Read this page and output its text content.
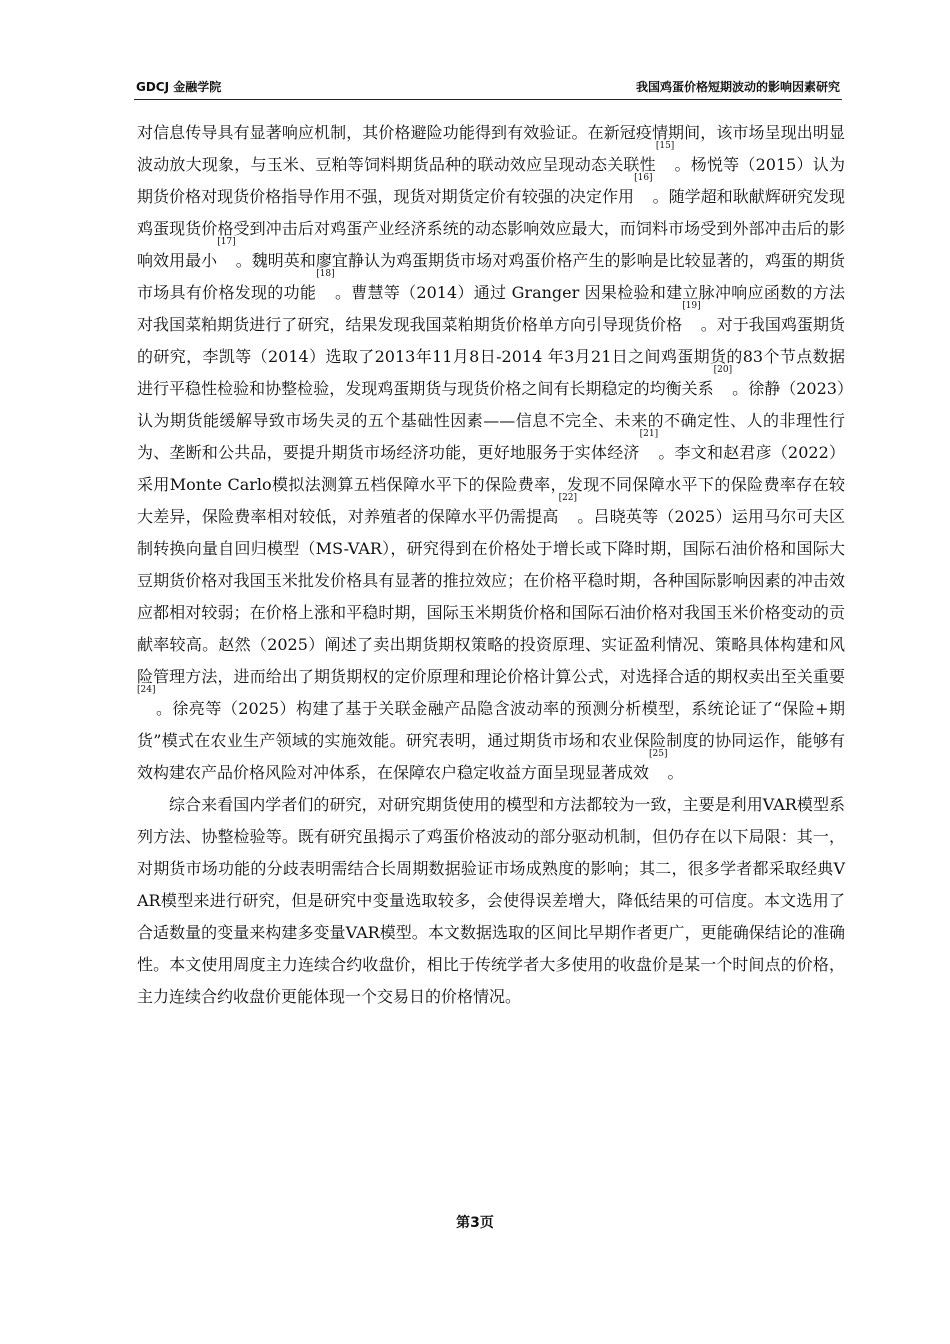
GDCJ 金融学院	我国鸡蛋价格短期波动的影响因素研究

对信息传导具有显著响应机制，其价格避险功能得到有效验证。在新冠疫情期间，该市场呈现出明显波动放大现象，与玉米、豆粕等饲料期货品种的联动效应呈现动态关联性[15]。杨悦等（2015）认为期货价格对现货价格指导作用不强，现货对期货定价有较强的决定作用[16]。随学超和耿献辉研究发现鸡蛋现货价格受到冲击后对鸡蛋产业经济系统的动态影响效应最大，而饲料市场受到外部冲击后的影响效用最小[17]。魏明英和廖宜静认为鸡蛋期货市场对鸡蛋价格产生的影响是比较显著的，鸡蛋的期货市场具有价格发现的功能[18]。曹慧等（2014）通过 Granger 因果检验和建立脉冲响应函数的方法对我国菜粕期货进行了研究，结果发现我国菜粕期货价格单方向引导现货价格[19]。对于我国鸡蛋期货的研究，李凯等（2014）选取了2013年11月8日-2014 年3月21日之间鸡蛋期货的83个节点数据进行平稳性检验和协整检验，发现鸡蛋期货与现货价格之间有长期稳定的均衡关系[20]。徐静（2023）认为期货能缓解导致市场失灵的五个基础性因素——信息不完全、未来的不确定性、人的非理性行为、垄断和公共品，要提升期货市场经济功能，更好地服务于实体经济[21]。李文和赵君彦（2022）采用Monte Carlo模拟法测算五档保障水平下的保险费率，发现不同保障水平下的保险费率存在较大差异，保险费率相对较低，对养殖者的保障水平仍需提高[22]。吕晓英等（2025）运用马尔可夫区制转换向量自回归模型（MS-VAR），研究得到在价格处于增长或下降时期，国际石油价格和国际大豆期货价格对我国玉米批发价格具有显著的推拉效应；在价格平稳时期，各种国际影响因素的冲击效应都相对较弱；在价格上涨和平稳时期，国际玉米期货价格和国际石油价格对我国玉米价格变动的贡献率较高。赵然（2025）阐述了卖出期货期权策略的投资原理、实证盈利情况、策略具体构建和风险管理方法，进而给出了期货期权的定价原理和理论价格计算公式，对选择合适的期权卖出至关重要[24]。徐亮等（2025）构建了基于关联金融产品隐含波动率的预测分析模型，系统论证了“保险+期货”模式在农业生产领域的实施效能。研究表明，通过期货市场和农业保险制度的协同运作，能够有效构建农产品价格风险对冲体系，在保障农户稳定收益方面呈现显著成效[25]。

综合来看国内学者们的研究，对研究期货使用的模型和方法都较为一致，主要是利用VAR模型系列方法、协整检验等。既有研究虽揭示了鸡蛋价格波动的部分驱动机制，但仍存在以下局限：其一，对期货市场功能的分歧表明需结合长周期数据验证市场成熟度的影响；其二，很多学者都采取经典VAR模型来进行研究，但是研究中变量选取较多，会使得误差增大，降低结果的可信度。本文选用了合适数量的变量来构建多变量VAR模型。本文数据选取的区间比早期作者更广，更能确保结论的准确性。本文使用周度主力连续合约收盘价，相比于传统学者大多使用的收盘价是某一个时间点的价格，主力连续合约收盘价更能体现一个交易日的价格情况。

第3页
